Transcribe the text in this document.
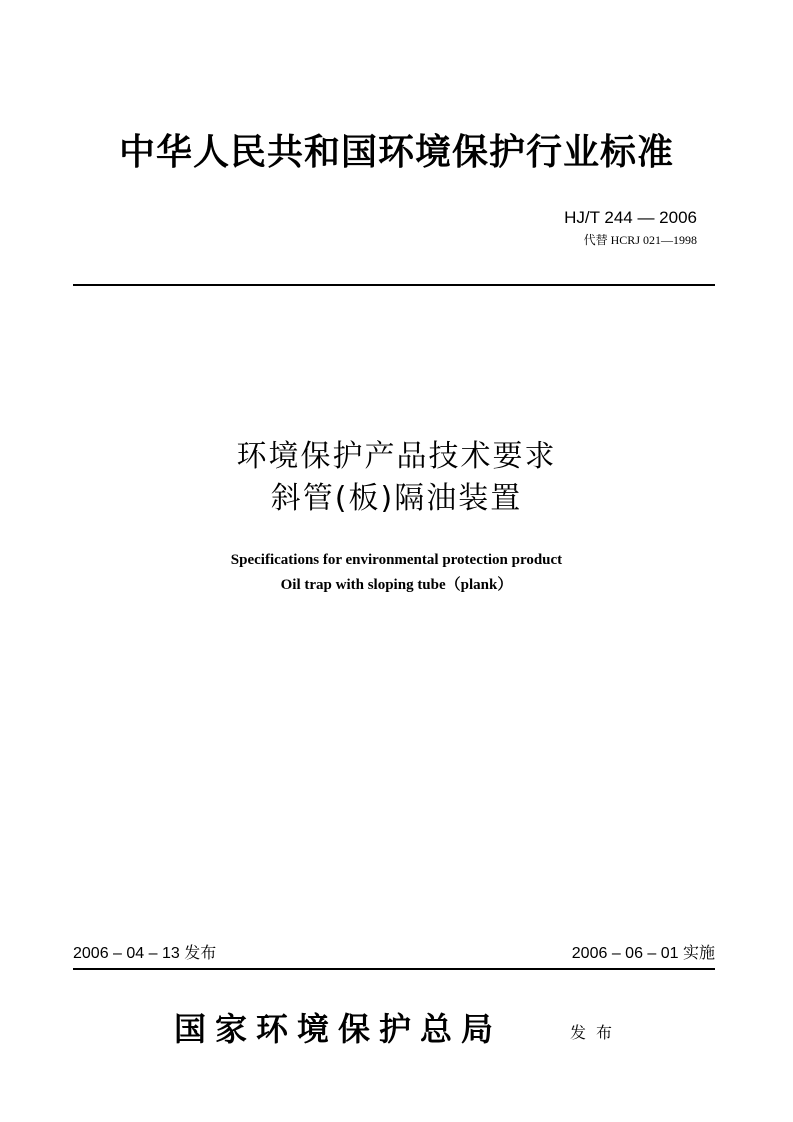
中华人民共和国环境保护行业标准
HJ/T 244 — 2006
代替 HCRJ 021—1998
环境保护产品技术要求
斜管(板)隔油装置
Specifications for environmental protection product
Oil trap with sloping tube（plank）
2006 – 04 – 13 发布	2006 – 06 – 01 实施
国家环境保护总局	发布
